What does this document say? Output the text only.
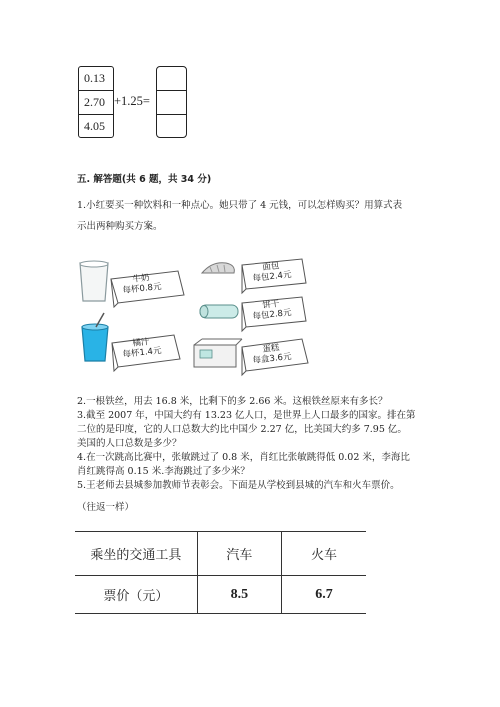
0.13
2.70
4.05
+1.25=
五. 解答题(共 6 题，共 34 分)
1.小红要买一种饮料和一种点心。她只带了 4 元钱，可以怎样购买？用算式表
示出两种购买方案。
牛奶
每杯0.8元
面包
每包2.4元
饼干
每包2.8元
橘汁
每杯1.4元	蛋糕
每盒3.6元
2.一根铁丝，用去 16.8 米，比剩下的多 2.66 米。这根铁丝原来有多长？
3.截至 2007 年，中国大约有 13.23 亿人口，是世界上人口最多的国家。排在第
二位的是印度，它的人口总数大约比中国少 2.27 亿，比美国大约多 7.95 亿。
美国的人口总数是多少？
4.在一次跳高比赛中，张敏跳过了 0.8 米，肖红比张敏跳得低 0.02 米，李海比
肖红跳得高 0.15 米.李海跳过了多少米？
5.王老师去县城参加教师节表彰会。下面是从学校到县城的汽车和火车票价。
（往返一样）
乘坐的交通工具	汽车	火车
票价（元）	8.5	6.7
